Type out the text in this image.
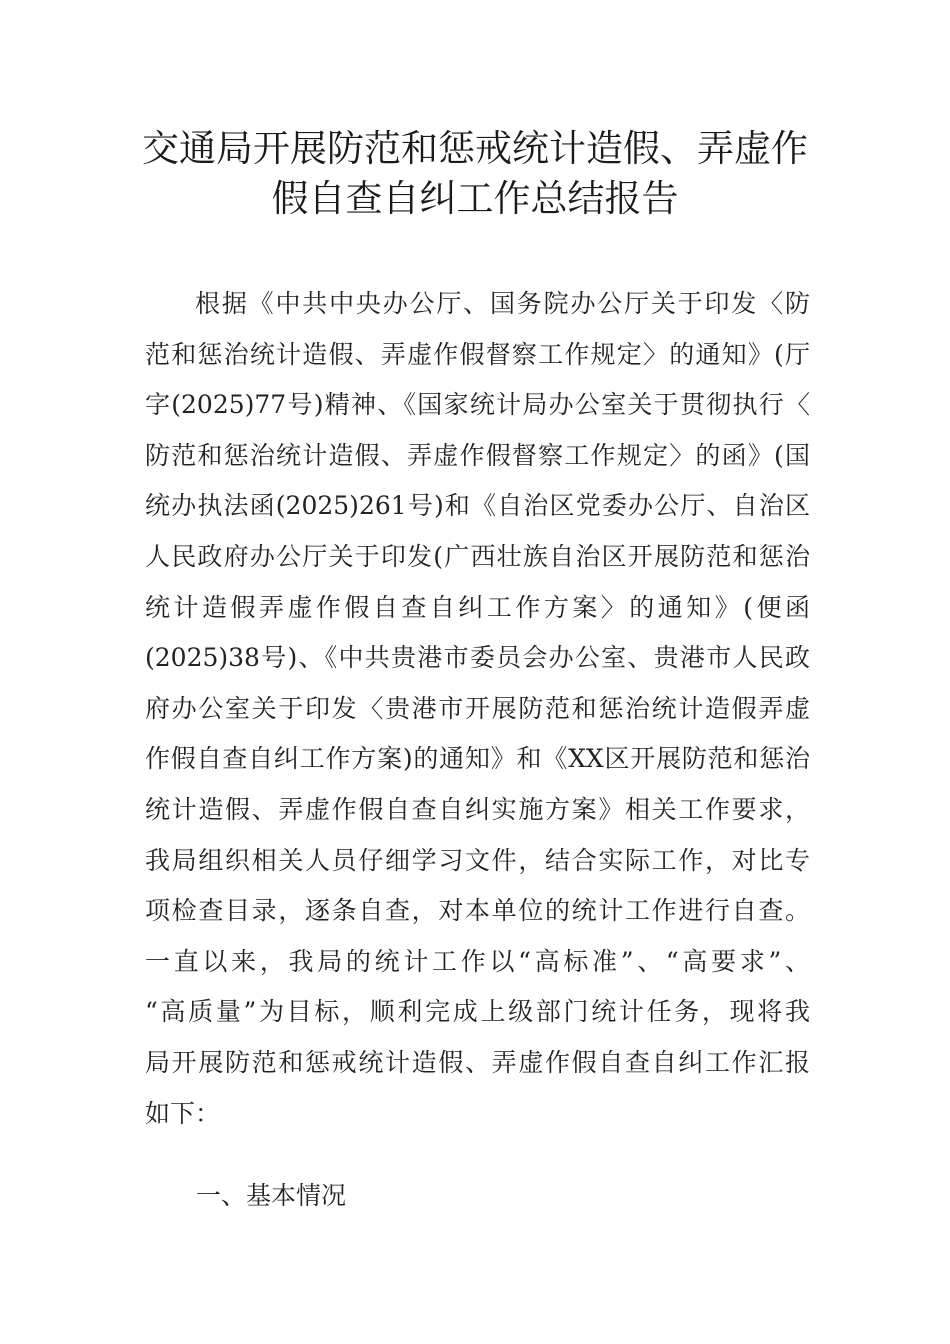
交通局开展防范和惩戒统计造假、弄虚作
假自查自纠工作总结报告
根据《中共中央办公厅、国务院办公厅关于印发〈防
范和惩治统计造假、弄虚作假督察工作规定〉的通知》(厅
字(2025)77号)精神、《国家统计局办公室关于贯彻执行〈
防范和惩治统计造假、弄虚作假督察工作规定〉的函》(国
统办执法函(2025)261号)和《自治区党委办公厅、自治区
人民政府办公厅关于印发(广西壮族自治区开展防范和惩治
统计造假弄虚作假自查自纠工作方案〉的通知》(便函
(2025)38号)、《中共贵港市委员会办公室、贵港市人民政
府办公室关于印发〈贵港市开展防范和惩治统计造假弄虚
作假自查自纠工作方案)的通知》和《XX区开展防范和惩治
统计造假、弄虚作假自查自纠实施方案》相关工作要求，
我局组织相关人员仔细学习文件，结合实际工作，对比专
项检查目录，逐条自查，对本单位的统计工作进行自查。
一直以来，我局的统计工作以“高标准”、“高要求”、
“高质量”为目标，顺利完成上级部门统计任务，现将我
局开展防范和惩戒统计造假、弄虚作假自查自纠工作汇报
如下：
一、基本情况
